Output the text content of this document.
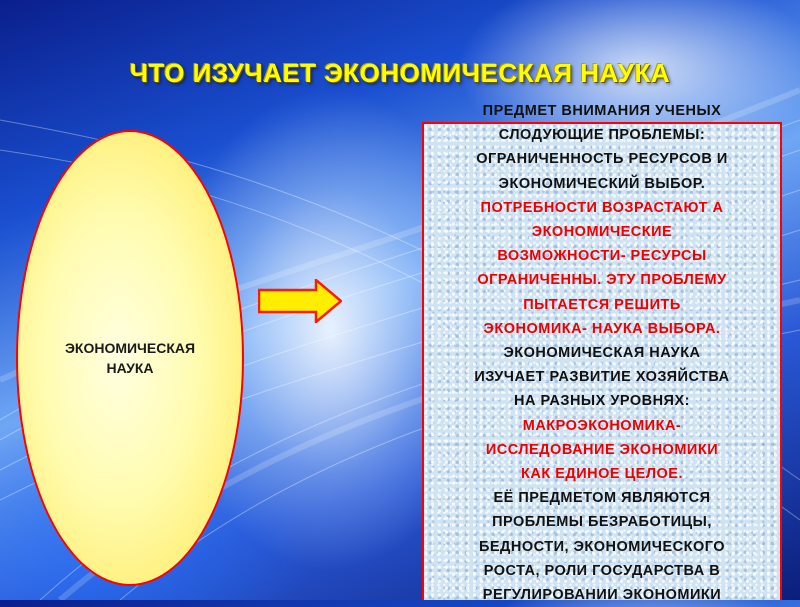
ЧТО ИЗУЧАЕТ ЭКОНОМИЧЕСКАЯ НАУКА
ЭКОНОМИЧЕСКАЯ НАУКА
ПРЕДМЕТ ВНИМАНИЯ УЧЕНЫХ
СЛОДУЮЩИЕ ПРОБЛЕМЫ:
ОГРАНИЧЕННОСТЬ РЕСУРСОВ И
ЭКОНОМИЧЕСКИЙ ВЫБОР.
ПОТРЕБНОСТИ ВОЗРАСТАЮТ А
ЭКОНОМИЧЕСКИЕ
ВОЗМОЖНОСТИ- РЕСУРСЫ
ОГРАНИЧЕННЫ. ЭТУ ПРОБЛЕМУ
ПЫТАЕТСЯ РЕШИТЬ
ЭКОНОМИКА- НАУКА ВЫБОРА.
ЭКОНОМИЧЕСКАЯ НАУКА
ИЗУЧАЕТ РАЗВИТИЕ ХОЗЯЙСТВА
НА РАЗНЫХ УРОВНЯХ:
МАКРОЭКОНОМИКА-
ИССЛЕДОВАНИЕ ЭКОНОМИКИ
КАК ЕДИНОЕ ЦЕЛОЕ.
ЕЁ ПРЕДМЕТОМ ЯВЛЯЮТСЯ
ПРОБЛЕМЫ БЕЗРАБОТИЦЫ,
БЕДНОСТИ, ЭКОНОМИЧЕСКОГО
РОСТА, РОЛИ ГОСУДАРСТВА В
РЕГУЛИРОВАНИИ ЭКОНОМИКИ
